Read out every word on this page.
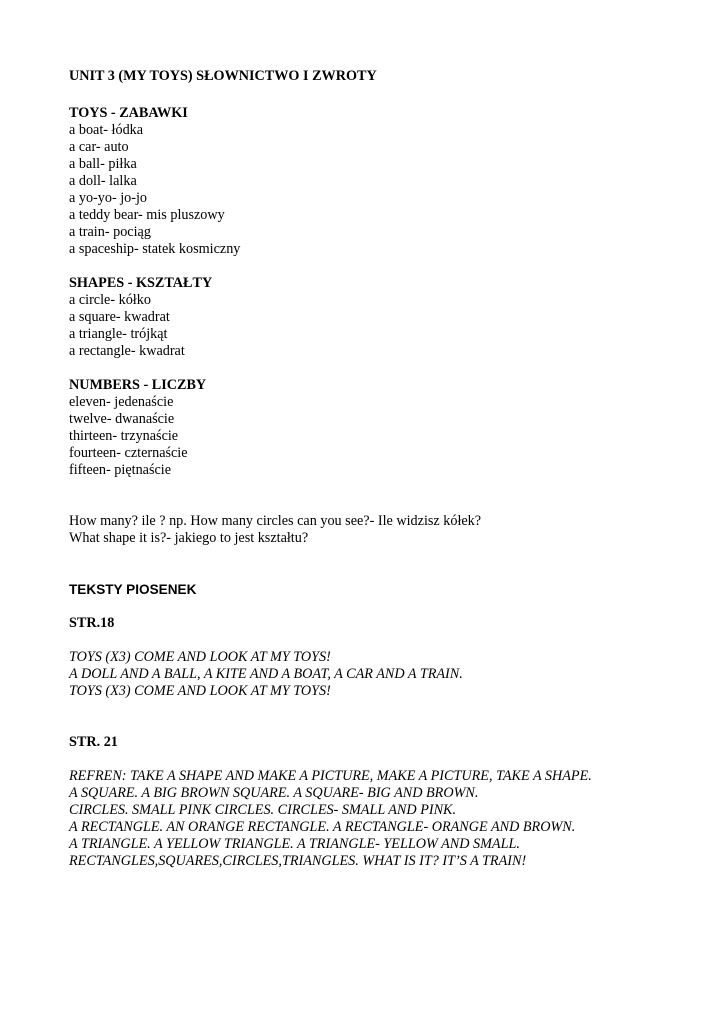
UNIT 3 (MY TOYS) SŁOWNICTWO I ZWROTY
TOYS - ZABAWKI
a boat- łódka
a car- auto
a ball- piłka
a doll- lalka
a yo-yo- jo-jo
a teddy bear- mis pluszowy
a train- pociąg
a spaceship- statek kosmiczny
SHAPES - KSZTAŁTY
a circle- kółko
a square- kwadrat
a triangle- trójkąt
a rectangle- kwadrat
NUMBERS - LICZBY
eleven- jedenaście
twelve- dwanaście
thirteen- trzynaście
fourteen- czternaście
fifteen- piętnaście
How many? ile ? np. How many circles can you see?- Ile widzisz kółek?
What shape it is?- jakiego to jest kształtu?
TEKSTY PIOSENEK
STR.18
TOYS (X3) COME AND LOOK AT MY TOYS!
A DOLL AND A BALL, A KITE AND A BOAT, A CAR AND A TRAIN.
TOYS (X3) COME AND LOOK AT MY TOYS!
STR. 21
REFREN: TAKE A SHAPE AND MAKE A PICTURE, MAKE A PICTURE, TAKE A SHAPE.
A SQUARE. A BIG BROWN SQUARE. A SQUARE- BIG AND BROWN.
CIRCLES. SMALL PINK CIRCLES. CIRCLES- SMALL AND PINK.
A RECTANGLE. AN ORANGE RECTANGLE. A RECTANGLE- ORANGE AND BROWN.
A TRIANGLE. A YELLOW TRIANGLE. A TRIANGLE- YELLOW AND SMALL.
RECTANGLES,SQUARES,CIRCLES,TRIANGLES. WHAT IS IT? IT’S A TRAIN!
